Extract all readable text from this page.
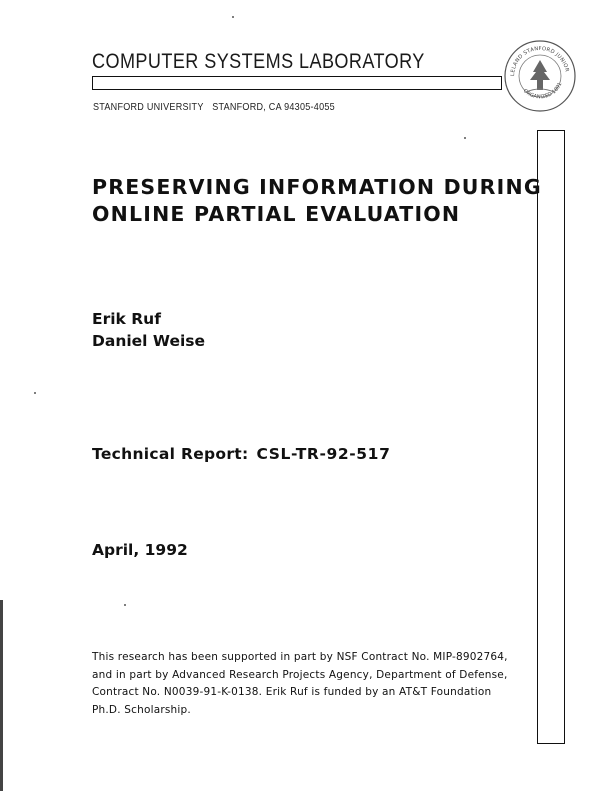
COMPUTER SYSTEMS LABORATORY
STANFORD UNIVERSITY STANFORD, CA 94305-4055
LELAND STANFORD JUNIOR
ORGANIZED 1891
PRESERVING INFORMATION DURING
ONLINE PARTIAL EVALUATION
Erik Ruf
Daniel Weise
Technical Report: CSL-TR-92-517
April, 1992
This research has been supported in part by NSF Contract No. MIP-8902764,
and in part by Advanced Research Projects Agency, Department of Defense,
Contract No. N0039-91-K-0138. Erik Ruf is funded by an AT&T Foundation
Ph.D. Scholarship.
